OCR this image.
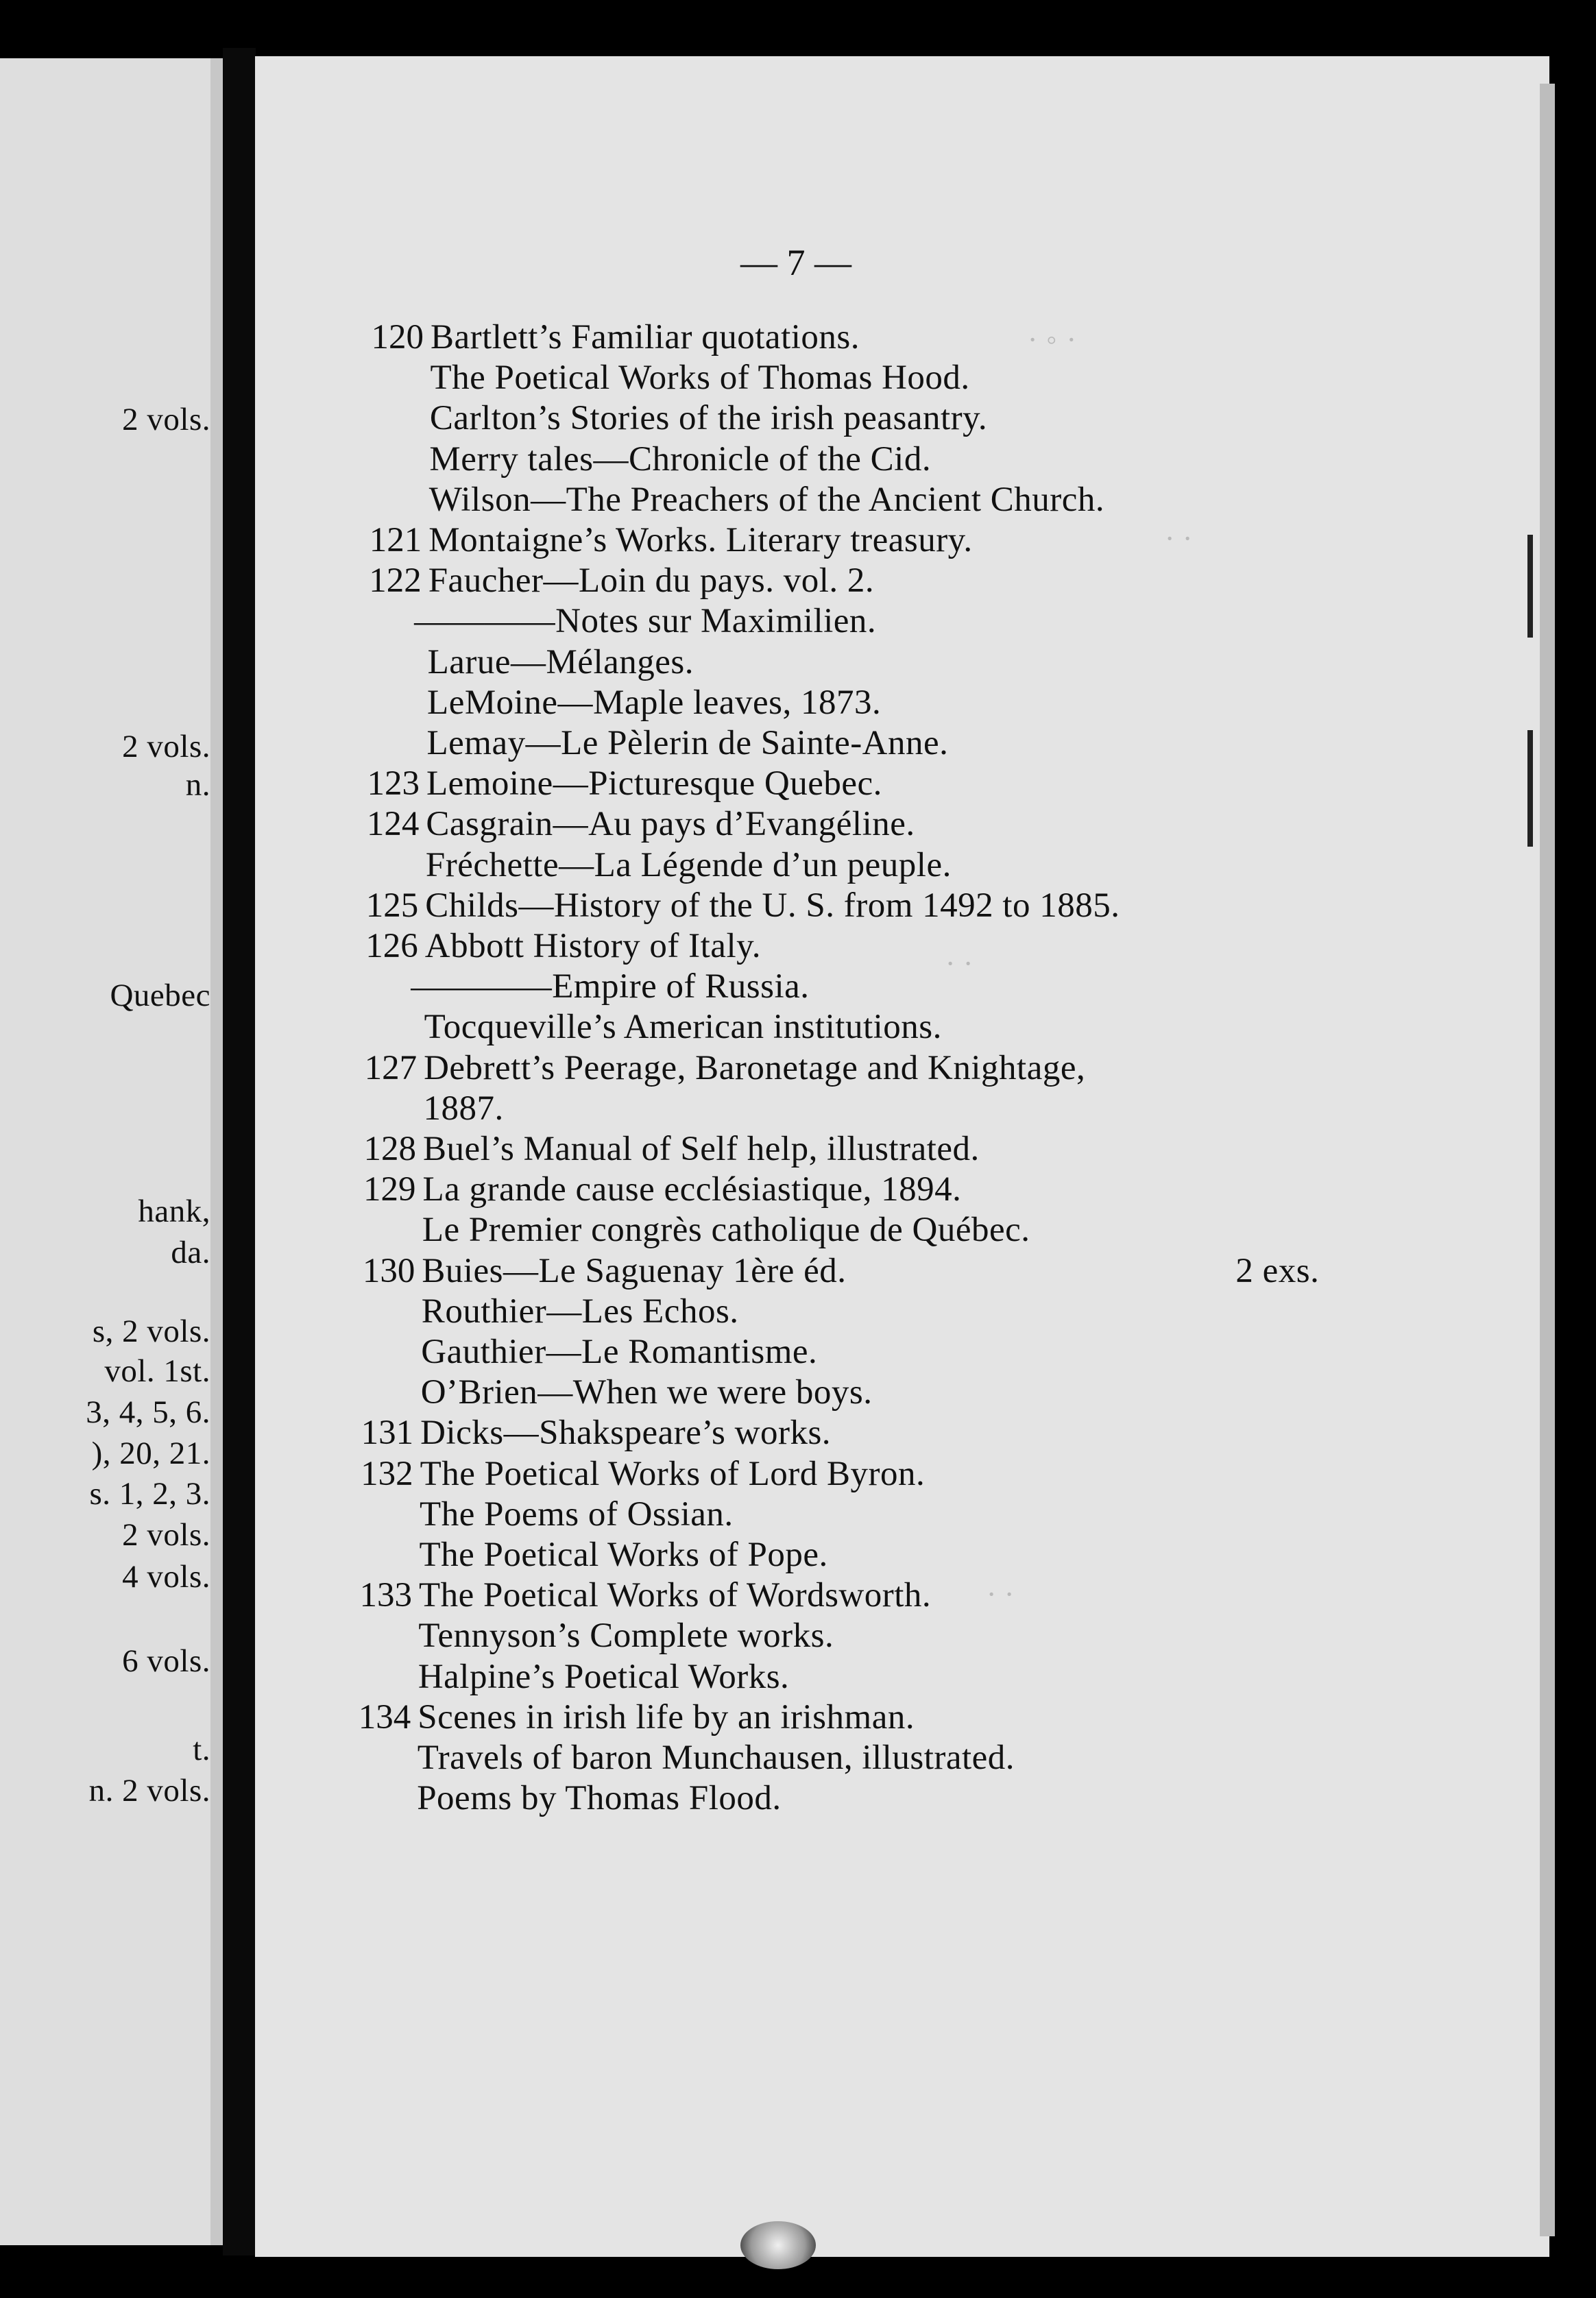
2 vols.
2 vols.
n.
Quebec
hank,
da.
s, 2 vols.
vol. 1st.
3, 4, 5, 6.
), 20, 21.
s. 1, 2, 3.
2 vols.
4 vols.
6 vols.
t.
n. 2 vols.
— 7 —
· ◦ ·
· ·
· ·
· ·
120 Bartlett’s Familiar quotations.
The Poetical Works of Thomas Hood.
Carlton’s Stories of the irish peasantry.
Merry tales—Chronicle of the Cid.
Wilson—The Preachers of the Ancient Church.
121 Montaigne’s Works. Literary treasury.
122 Faucher—Loin du pays. vol. 2.
————Notes sur Maximilien.
Larue—Mélanges.
LeMoine—Maple leaves, 1873.
Lemay—Le Pèlerin de Sainte-Anne.
123 Lemoine—Picturesque Quebec.
124 Casgrain—Au pays d’Evangéline.
Fréchette—La Légende d’un peuple.
125 Childs—History of the U. S. from 1492 to 1885.
126 Abbott History of Italy.
————Empire of Russia.
Tocqueville’s American institutions.
127 Debrett’s Peerage, Baronetage and Knightage,
1887.
128 Buel’s Manual of Self help, illustrated.
129 La grande cause ecclésiastique, 1894.
Le Premier congrès catholique de Québec.
130 Buies—Le Saguenay 1ère éd.	2 exs.
Routhier—Les Echos.
Gauthier—Le Romantisme.
O’Brien—When we were boys.
131 Dicks—Shakspeare’s works.
132 The Poetical Works of Lord Byron.
The Poems of Ossian.
The Poetical Works of Pope.
133 The Poetical Works of Wordsworth.
Tennyson’s Complete works.
Halpine’s Poetical Works.
134 Scenes in irish life by an irishman.
Travels of baron Munchausen, illustrated.
Poems by Thomas Flood.
